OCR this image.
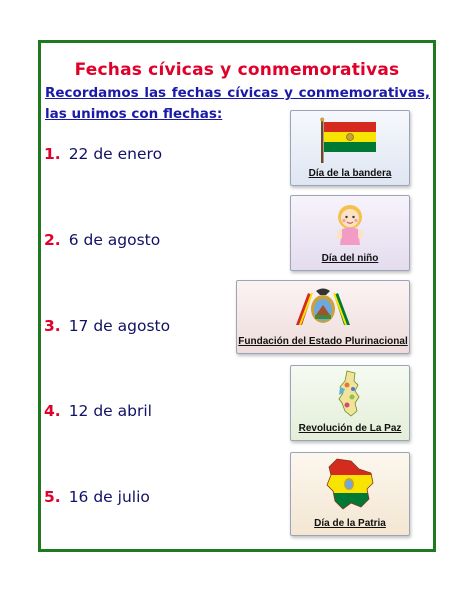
Fechas cívicas y conmemorativas
Recordamos las fechas cívicas y conmemorativas, las unimos con flechas:
1. 22 de enero
2. 6 de agosto
3. 17 de agosto
4. 12 de abril
5. 16 de julio
Día de la bandera
Día del niño
Fundación del Estado Plurinacional
Revolución de La Paz
Día de la Patria
